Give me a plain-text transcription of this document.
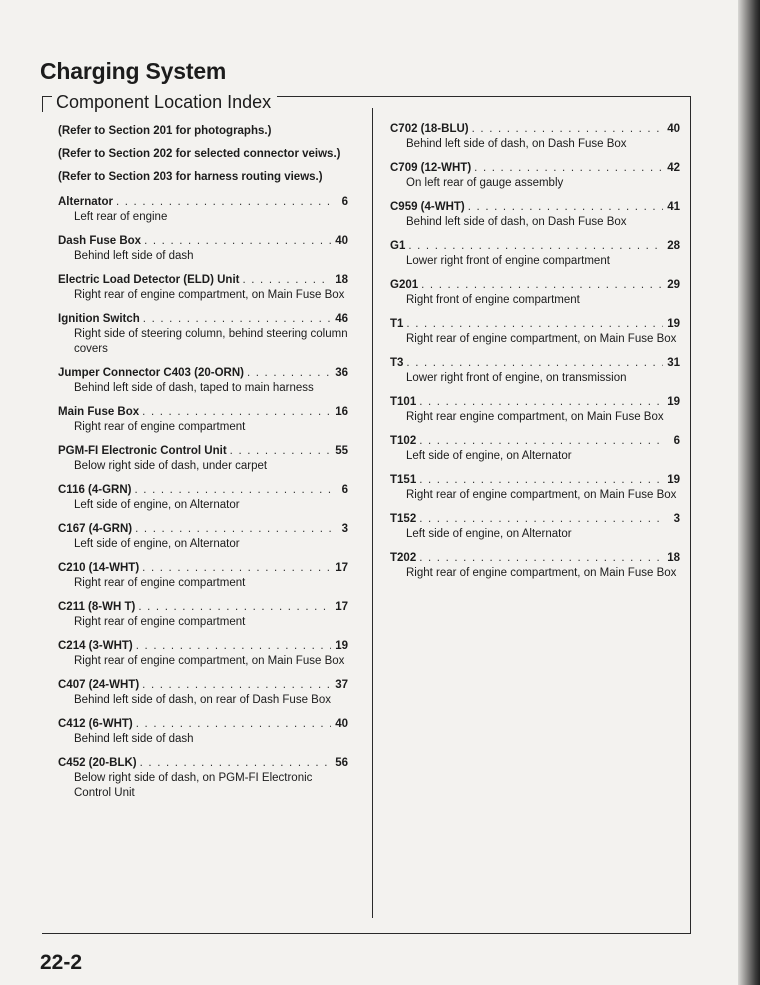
Charging System
Component Location Index

(Refer to Section 201 for photographs.)

(Refer to Section 202 for selected connector veiws.)

(Refer to Section 203 for harness routing views.)

Alternator . . .	6
Left rear of engine
Dash Fuse Box . . .	40
Behind left side of dash
Electric Load Detector (ELD) Unit . . .	18
Right rear of engine compartment, on Main Fuse Box
Ignition Switch . . .	46
Right side of steering column, behind steering column covers
Jumper Connector C403 (20-ORN) . . .	36
Behind left side of dash, taped to main harness
Main Fuse Box . . .	16
Right rear of engine compartment
PGM-FI Electronic Control Unit . . .	55
Below right side of dash, under carpet
C116 (4-GRN) . . .	6
Left side of engine, on Alternator
C167 (4-GRN) . . .	3
Left side of engine, on Alternator
C210 (14-WHT) . . .	17
Right rear of engine compartment
C211 (8-WH T) . . .	17
Right rear of engine compartment
C214 (3-WHT) . . .	19
Right rear of engine compartment, on Main Fuse Box
C407 (24-WHT) . . .	37
Behind left side of dash, on rear of Dash Fuse Box
C412 (6-WHT) . . .	40
Behind left side of dash
C452 (20-BLK) . . .	56
Below right side of dash, on PGM-FI Electronic Control Unit
C702 (18-BLU) . . .	40
Behind left side of dash, on Dash Fuse Box
C709 (12-WHT) . . .	42
On left rear of gauge assembly
C959 (4-WHT) . . .	41
Behind left side of dash, on Dash Fuse Box
G1 . . .	28
Lower right front of engine compartment
G201 . . .	29
Right front of engine compartment
T1 . . .	19
Right rear of engine compartment, on Main Fuse Box
T3 . . .	31
Lower right front of engine, on transmission
T101 . . .	19
Right rear engine compartment, on Main Fuse Box
T102 . . .	6
Left side of engine, on Alternator
T151 . . .	19
Right rear of engine compartment, on Main Fuse Box
T152 . . .	3
Left side of engine, on Alternator
T202 . . .	18
Right rear of engine compartment, on Main Fuse Box
22-2
